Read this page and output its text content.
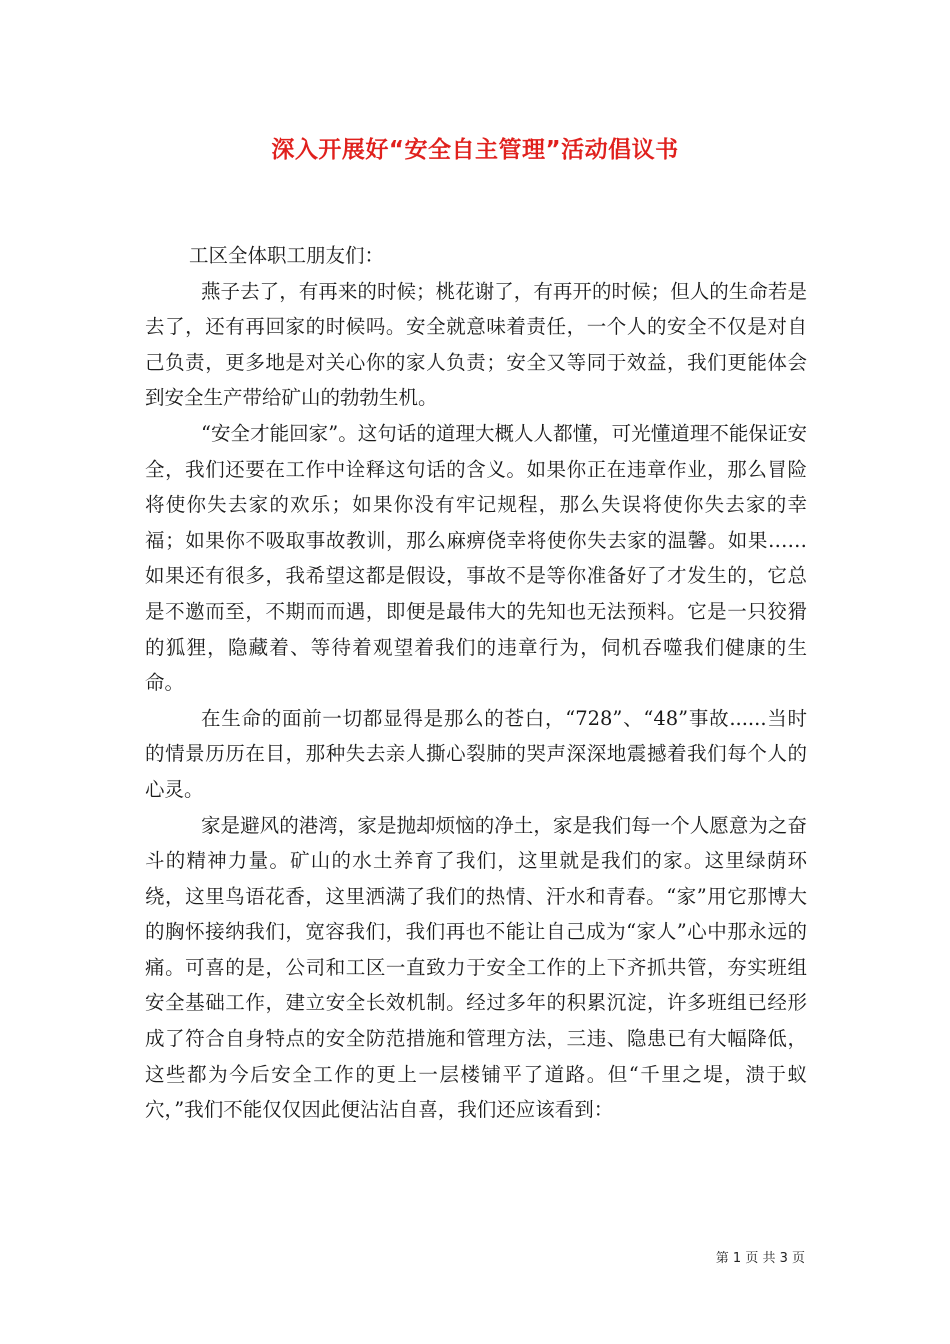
深入开展好“安全自主管理”活动倡议书

工区全体职工朋友们：

燕子去了，有再来的时候；桃花谢了，有再开的时候；但人的生命若是去了，还有再回家的时候吗。安全就意味着责任，一个人的安全不仅是对自己负责，更多地是对关心你的家人负责；安全又等同于效益，我们更能体会到安全生产带给矿山的勃勃生机。

“安全才能回家”。这句话的道理大概人人都懂，可光懂道理不能保证安全，我们还要在工作中诠释这句话的含义。如果你正在违章作业，那么冒险将使你失去家的欢乐；如果你没有牢记规程，那么失误将使你失去家的幸福；如果你不吸取事故教训，那么麻痹侥幸将使你失去家的温馨。如果……如果还有很多，我希望这都是假设，事故不是等你准备好了才发生的，它总是不邀而至，不期而而遇，即便是最伟大的先知也无法预料。它是一只狡猾的狐狸，隐藏着、等待着观望着我们的违章行为，伺机吞噬我们健康的生命。

在生命的面前一切都显得是那么的苍白，“728”、“48”事故......当时的情景历历在目，那种失去亲人撕心裂肺的哭声深深地震撼着我们每个人的心灵。

家是避风的港湾，家是抛却烦恼的净土，家是我们每一个人愿意为之奋斗的精神力量。矿山的水土养育了我们，这里就是我们的家。这里绿荫环绕，这里鸟语花香，这里洒满了我们的热情、汗水和青春。“家”用它那博大的胸怀接纳我们，宽容我们，我们再也不能让自己成为“家人”心中那永远的痛。可喜的是，公司和工区一直致力于安全工作的上下齐抓共管，夯实班组安全基础工作，建立安全长效机制。经过多年的积累沉淀，许多班组已经形成了符合自身特点的安全防范措施和管理方法，三违、隐患已有大幅降低，这些都为今后安全工作的更上一层楼铺平了道路。但“千里之堤，溃于蚁穴，”我们不能仅仅因此便沾沾自喜，我们还应该看到：

第 1 页 共 3 页
